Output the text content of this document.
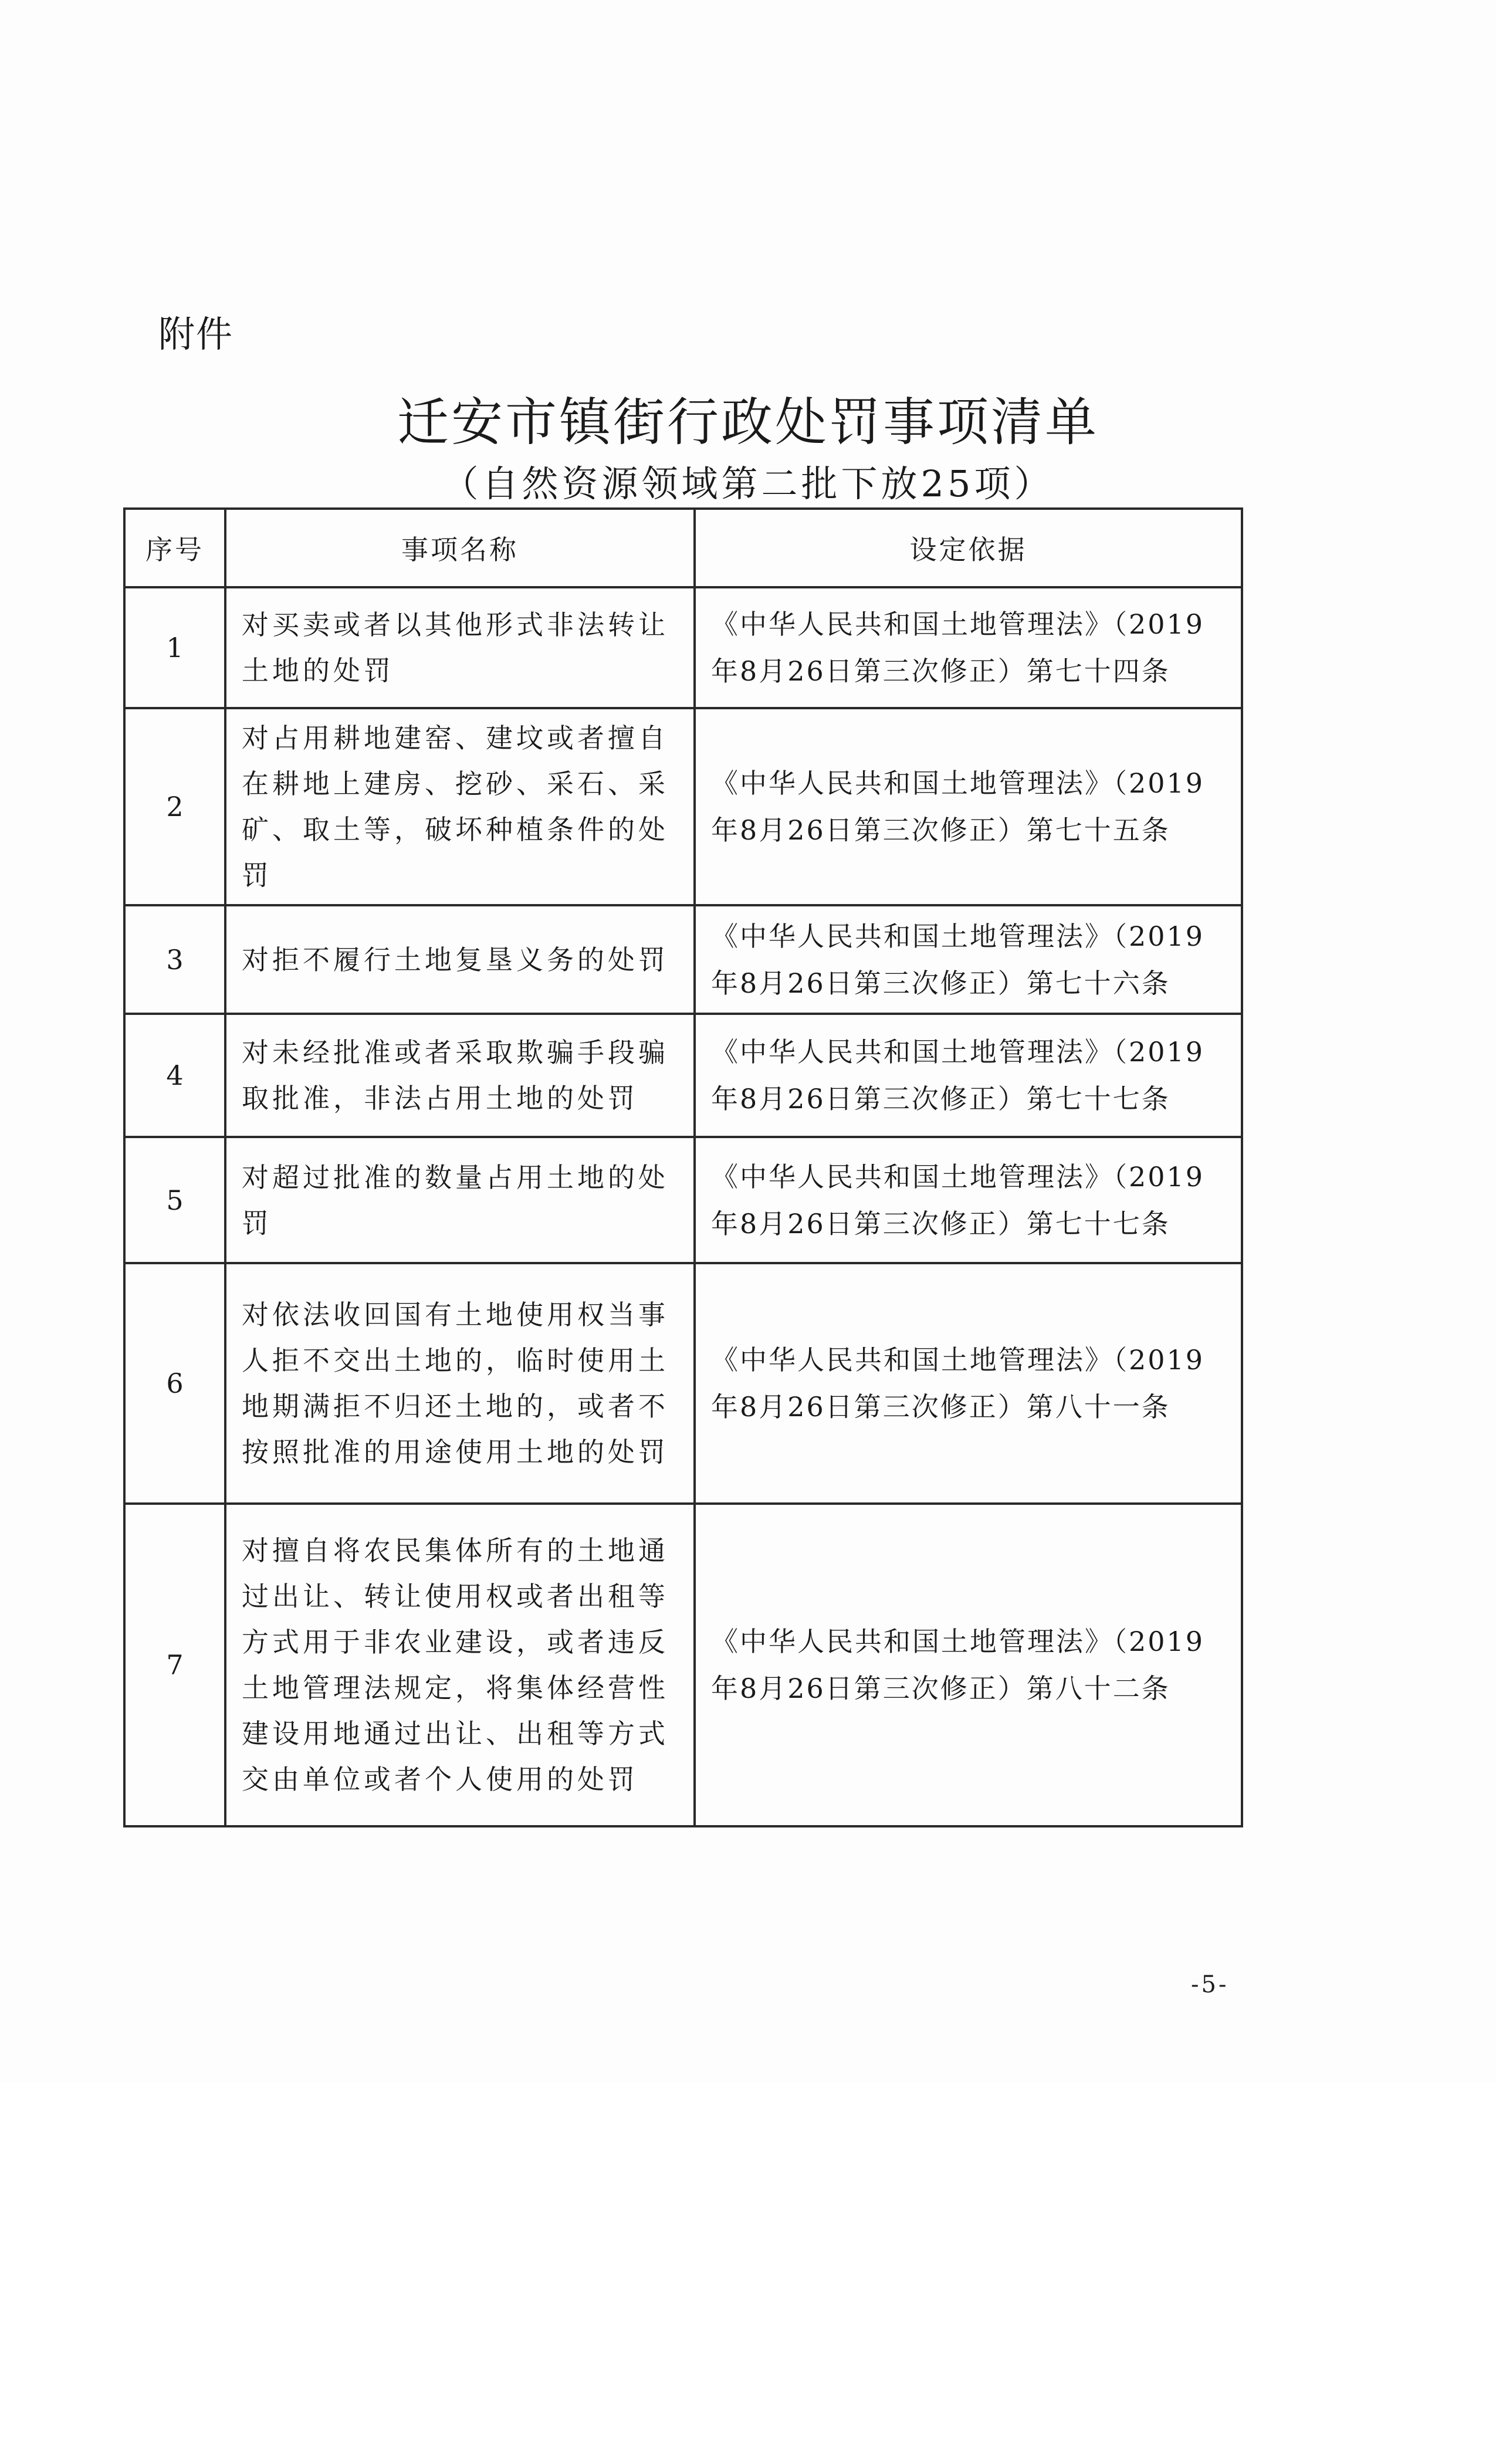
附件
迁安市镇街行政处罚事项清单
（自然资源领域第二批下放25项）
序号	事项名称	设定依据
1	对买卖或者以其他形式非法转让土地的处罚	《中华人民共和国土地管理法》（2019年8月26日第三次修正）第七十四条
2	对占用耕地建窑、建坟或者擅自在耕地上建房、挖砂、采石、采矿、取土等，破坏种植条件的处罚	《中华人民共和国土地管理法》（2019年8月26日第三次修正）第七十五条
3	对拒不履行土地复垦义务的处罚	《中华人民共和国土地管理法》（2019年8月26日第三次修正）第七十六条
4	对未经批准或者采取欺骗手段骗取批准，非法占用土地的处罚	《中华人民共和国土地管理法》（2019年8月26日第三次修正）第七十七条
5	对超过批准的数量占用土地的处罚	《中华人民共和国土地管理法》（2019年8月26日第三次修正）第七十七条
6	对依法收回国有土地使用权当事人拒不交出土地的，临时使用土地期满拒不归还土地的，或者不按照批准的用途使用土地的处罚	《中华人民共和国土地管理法》（2019年8月26日第三次修正）第八十一条
7	对擅自将农民集体所有的土地通过出让、转让使用权或者出租等方式用于非农业建设，或者违反土地管理法规定，将集体经营性建设用地通过出让、出租等方式交由单位或者个人使用的处罚	《中华人民共和国土地管理法》（2019年8月26日第三次修正）第八十二条
-5-
